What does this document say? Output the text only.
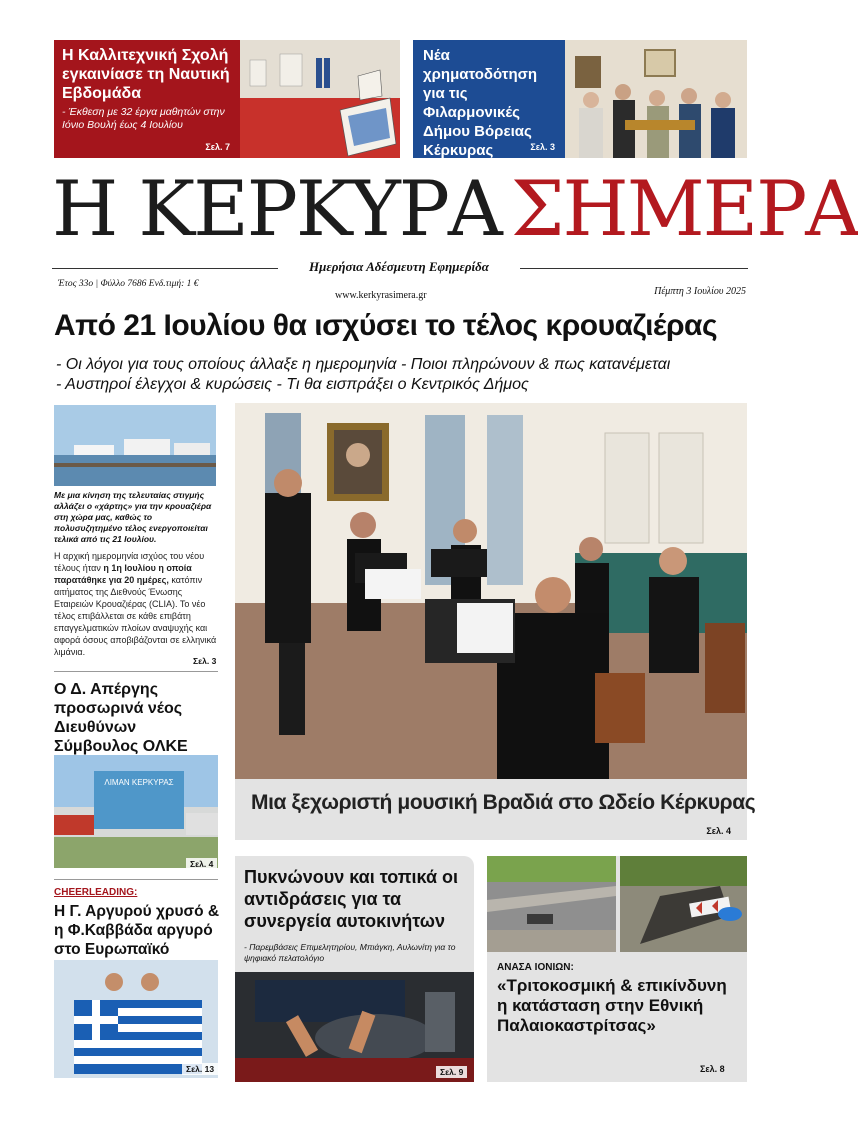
Η Καλλιτεχνική Σχολή εγκαινίασε τη Ναυτική Εβδομάδα

- Έκθεση με 32 έργα μαθητών στην Ιόνιο Βουλή έως 4 Ιουλίου

Σελ. 7
Νέα χρηματοδότηση για τις Φιλαρμονικές Δήμου Βόρειας Κέρκυρας	Σελ. 3
Η ΚΕΡΚΥΡΑ ΣΗΜΕΡΑ
Ημερήσια Αδέσμευτη Εφημερίδα
Έτος 33ο | Φύλλο 7686 Ενδ.τιμή: 1 €
www.kerkyrasimera.gr	Πέμπτη 3 Ιουλίου 2025
Από 21 Ιουλίου θα ισχύσει το τέλος κρουαζιέρας
- Οι λόγοι για τους οποίους άλλαξε η ημερομηνία - Ποιοι πληρώνουν & πως κατανέμεται
- Αυστηροί έλεγχοι & κυρώσεις - Τι θα εισπράξει ο Κεντρικός Δήμος
Με μια κίνηση της τελευταίας στιγμής αλλάζει ο «χάρτης» για την κρουαζιέρα στη χώρα μας, καθώς το πολυσυζητημένο τέλος ενεργοποιείται τελικά από τις 21 Ιουλίου.
Η αρχική ημερομηνία ισχύος του νέου τέλους ήταν η 1η Ιουλίου η οποία παρατάθηκε για 20 ημέρες, κατόπιν αιτήματος της Διεθνούς Ένωσης Εταιρειών Κρουαζιέρας (CLIA). Το νέο τέλος επιβάλλεται σε κάθε επιβάτη επαγγελματικών πλοίων αναψυχής και αφορά όσους αποβιβάζονται σε ελληνικά λιμάνια.
Σελ. 3
Ο Δ. Απέργης προσωρινά νέος Διευθύνων Σύμβουλος ΟΛΚΕ
ΛΙΜΑΝ ΚΕΡΚΥΡΑΣ
Σελ. 4
CHEERLEADING:
Η Γ. Αργυρού χρυσό & η Φ.Καββάδα αργυρό στο Ευρωπαϊκό
Σελ. 13
Μια ξεχωριστή μουσική Βραδιά στο Ωδείο Κέρκυρας
Σελ. 4
Πυκνώνουν και τοπικά οι αντιδράσεις για τα συνεργεία αυτοκινήτων

- Παρεμβάσεις Επιμελητηρίου, Μπιάγκη, Αυλωνίτη για το ψηφιακό πελατολόγιο

Σελ. 9
ΑΝΑΣΑ ΙΟΝΙΩΝ:
«Τριτοκοσμική & επικίνδυνη η κατάσταση στην Εθνική Παλαιοκαστρίτσας»
Σελ. 8
